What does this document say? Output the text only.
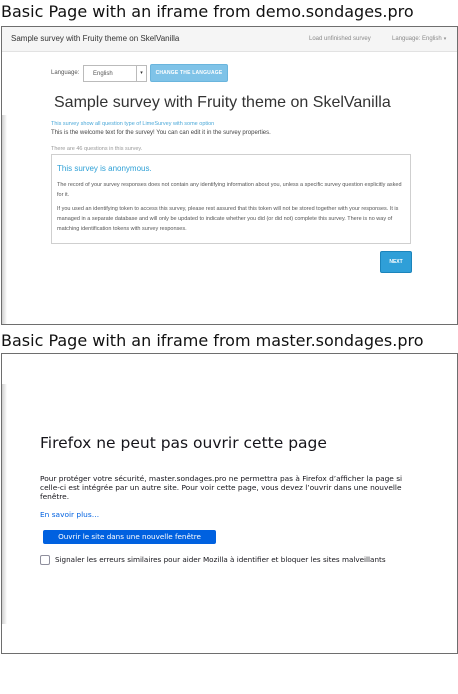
Basic Page with an iframe from demo.sondages.pro
Sample survey with Fruity theme on SkelVanilla	Load unfinished survey	Language: English ▾
Language: English	▾	CHANGE THE LANGUAGE
Sample survey with Fruity theme on SkelVanilla
This survey show all question type of LimeSurvey with some option
This is the welcome text for the survey! You can can edit it in the survey properties.
There are 46 questions in this survey.
This survey is anonymous.
The record of your survey responses does not contain any identifying information about you, unless a specific survey question explicitly asked for it.
If you used an identifying token to access this survey, please rest assured that this token will not be stored together with your responses. It is managed in a separate database and will only be updated to indicate whether you did (or did not) complete this survey. There is no way of matching identification tokens with survey responses.
NEXT
Basic Page with an iframe from master.sondages.pro
Firefox ne peut pas ouvrir cette page
Pour protéger votre sécurité, master.sondages.pro ne permettra pas à Firefox d’afficher la page si celle-ci est intégrée par un autre site. Pour voir cette page, vous devez l’ouvrir dans une nouvelle fenêtre.
En savoir plus…
Ouvrir le site dans une nouvelle fenêtre
Signaler les erreurs similaires pour aider Mozilla à identifier et bloquer les sites malveillants
